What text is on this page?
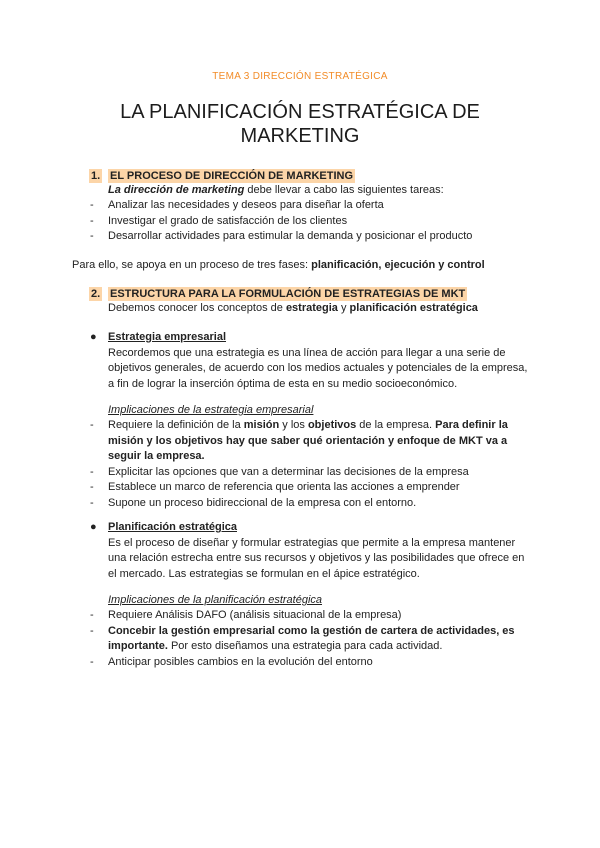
TEMA 3 DIRECCIÓN ESTRATÉGICA
LA PLANIFICACIÓN ESTRATÉGICA DE MARKETING
1. EL PROCESO DE DIRECCIÓN DE MARKETING
La dirección de marketing debe llevar a cabo las siguientes tareas:
- Analizar las necesidades y deseos para diseñar la oferta
- Investigar el grado de satisfacción de los clientes
- Desarrollar actividades para estimular la demanda y posicionar el producto
Para ello, se apoya en un proceso de tres fases: planificación, ejecución y control
2. ESTRUCTURA PARA LA FORMULACIÓN DE ESTRATEGIAS DE MKT
Debemos conocer los conceptos de estrategia y planificación estratégica
● Estrategia empresarial
Recordemos que una estrategia es una línea de acción para llegar a una serie de objetivos generales, de acuerdo con los medios actuales y potenciales de la empresa, a fin de lograr la inserción óptima de esta en su medio socioeconómico.
Implicaciones de la estrategia empresarial
- Requiere la definición de la misión y los objetivos de la empresa. Para definir la misión y los objetivos hay que saber qué orientación y enfoque de MKT va a seguir la empresa.
- Explicitar las opciones que van a determinar las decisiones de la empresa
- Establece un marco de referencia que orienta las acciones a emprender
- Supone un proceso bidireccional de la empresa con el entorno.
● Planificación estratégica
Es el proceso de diseñar y formular estrategias que permite a la empresa mantener una relación estrecha entre sus recursos y objetivos y las posibilidades que ofrece en el mercado. Las estrategias se formulan en el ápice estratégico.
Implicaciones de la planificación estratégica
- Requiere Análisis DAFO (análisis situacional de la empresa)
- Concebir la gestión empresarial como la gestión de cartera de actividades, es importante. Por esto diseñamos una estrategia para cada actividad.
- Anticipar posibles cambios en la evolución del entorno
